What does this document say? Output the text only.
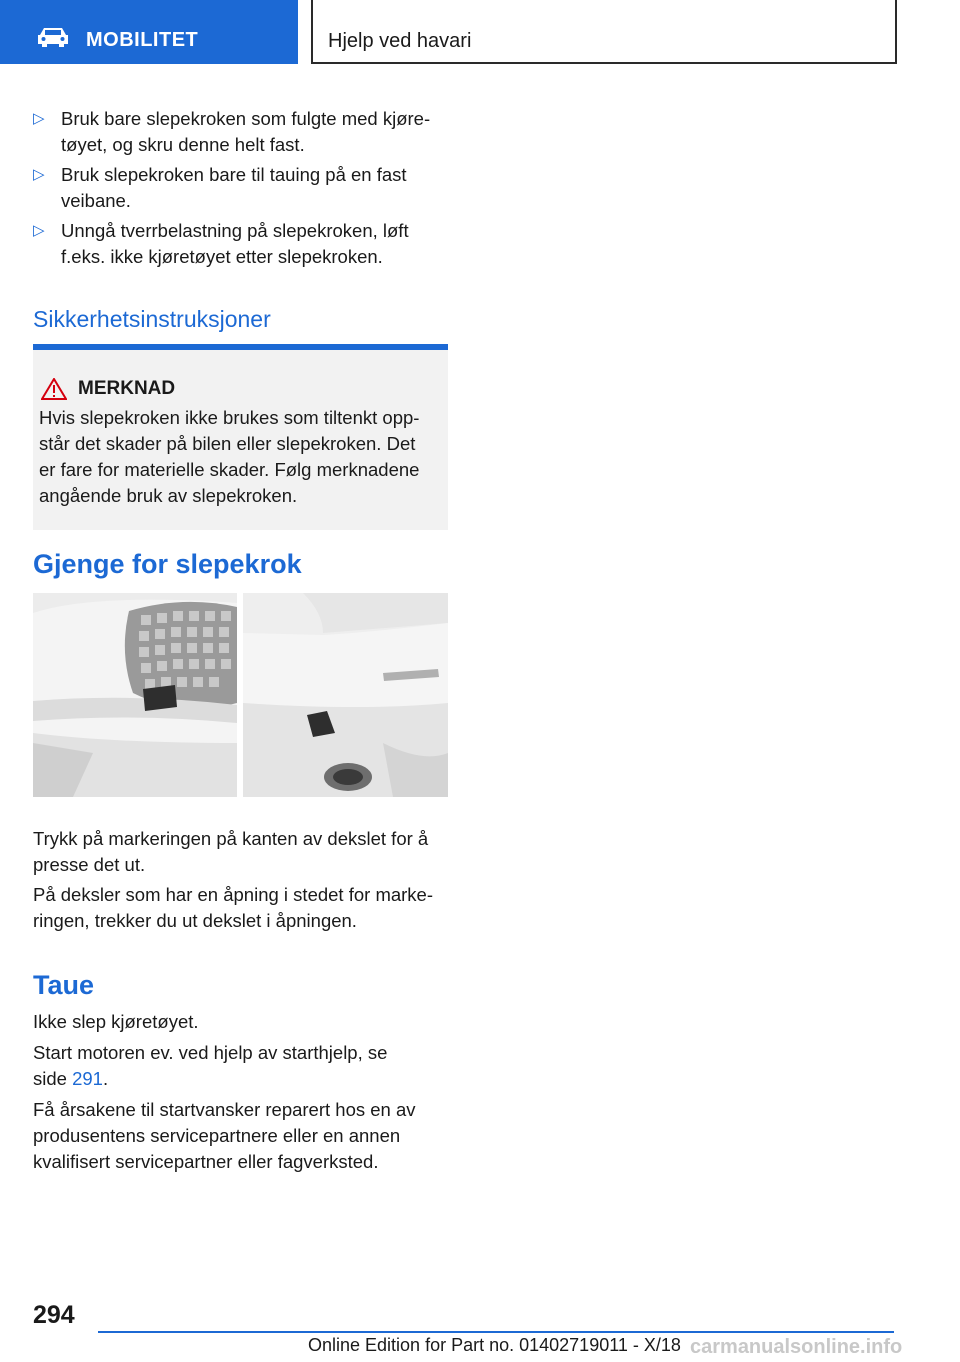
MOBILITET	Hjelp ved havari
▷ Bruk bare slepekroken som fulgte med kjøre-
tøyet, og skru denne helt fast.
▷ Bruk slepekroken bare til tauing på en fast
veibane.
▷ Unngå tverrbelastning på slepekroken, løft
f.eks. ikke kjøretøyet etter slepekroken.
Sikkerhetsinstruksjoner
MERKNAD
Hvis slepekroken ikke brukes som tiltenkt opp-
står det skader på bilen eller slepekroken. Det
er fare for materielle skader. Følg merknadene
angående bruk av slepekroken.
Gjenge for slepekrok
Trykk på markeringen på kanten av dekslet for å
presse det ut.
På deksler som har en åpning i stedet for marke-
ringen, trekker du ut dekslet i åpningen.
Taue
Ikke slep kjøretøyet.
Start motoren ev. ved hjelp av starthjelp, se
side 291.
Få årsakene til startvansker reparert hos en av
produsentens servicepartnere eller en annen
kvalifisert servicepartner eller fagverksted.
294
Online Edition for Part no. 01402719011 - X/18 carmanualsonline.info
